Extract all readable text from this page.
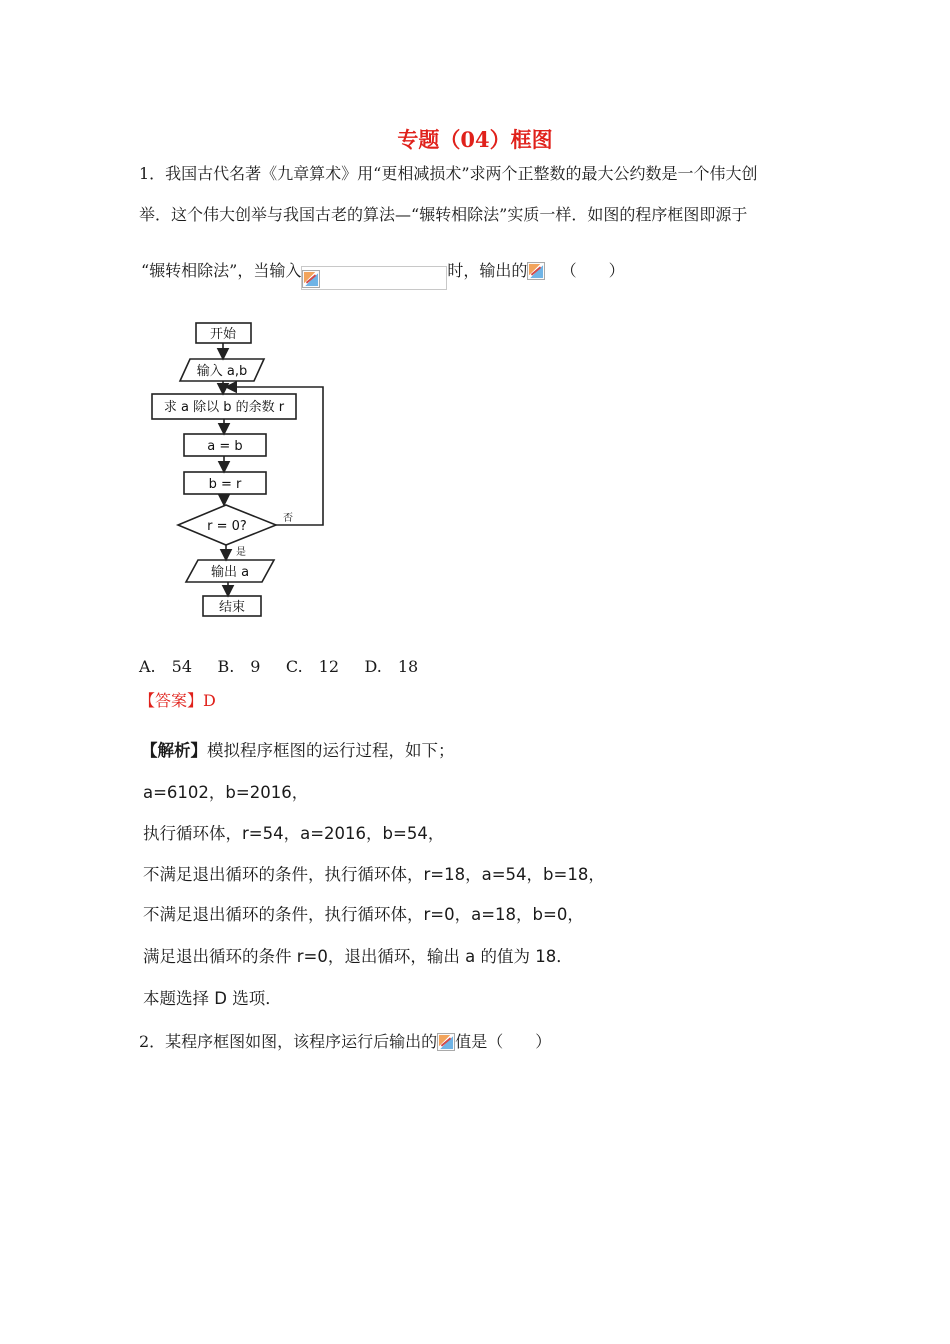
专题（04）框图
1．我国古代名著《九章算术》用“更相减损术”求两个正整数的最大公约数是一个伟大创
举．这个伟大创举与我国古老的算法—“辗转相除法”实质一样．如图的程序框图即源于
“辗转相除法”，当输入	时，输出的 （　　）
开始
输入 a,b
求 a 除以 b 的余数 r
a = b
b = r
r = 0?
输出 a
结束
否
是
A.　54 B.　9 C.　12 D.　18
【答案】D
【解析】模拟程序框图的运行过程，如下；
a=6102，b=2016，
执行循环体，r=54，a=2016，b=54，
不满足退出循环的条件，执行循环体，r=18，a=54，b=18，
不满足退出循环的条件，执行循环体，r=0，a=18，b=0，
满足退出循环的条件 r=0，退出循环，输出 a 的值为 18．
本题选择 D 选项．
2．某程序框图如图，该程序运行后输出的 值是（　　）
